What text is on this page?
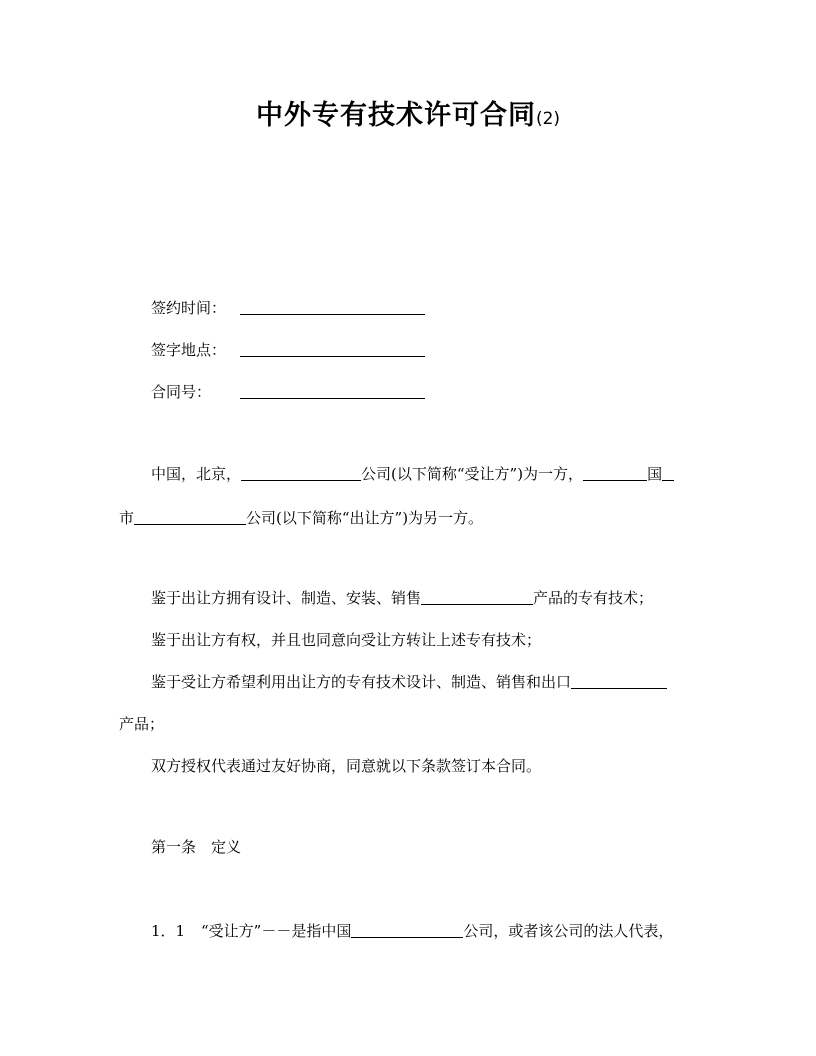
中外专有技术许可合同(2)
签约时间：
签字地点：
合同号：
中国，北京，	公司(以下简称“受让方”)为一方，	国
市	公司(以下简称“出让方”)为另一方。
鉴于出让方拥有设计、制造、安装、销售	产品的专有技术；
鉴于出让方有权，并且也同意向受让方转让上述专有技术；
鉴于受让方希望利用出让方的专有技术设计、制造、销售和出口
产品；
双方授权代表通过友好协商，同意就以下条款签订本合同。
第一条　定义
1．1 “受让方”－－是指中国	公司，或者该公司的法人代表，
